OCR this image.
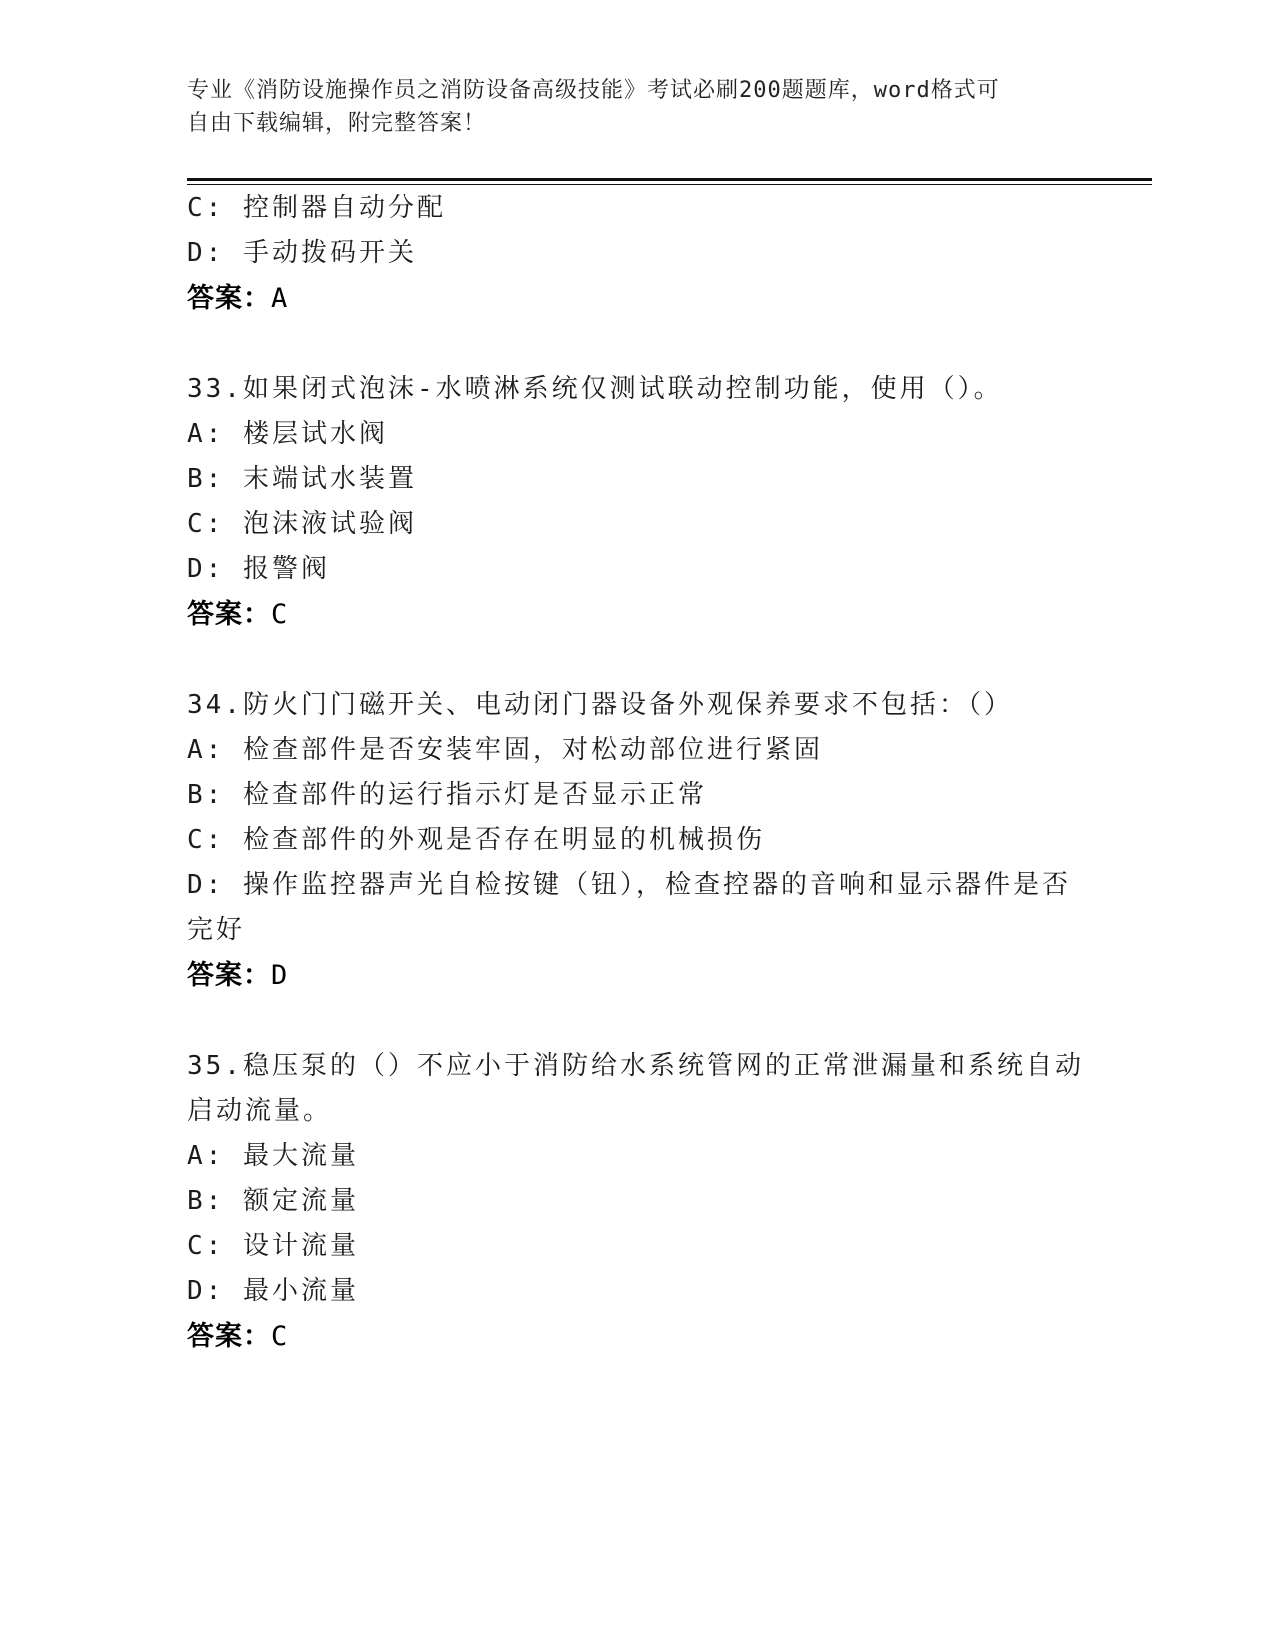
专业《消防设施操作员之消防设备高级技能》考试必刷200题题库，word格式可
自由下载编辑，附完整答案！
C: 控制器自动分配
D: 手动拨码开关
答案：A
33.如果闭式泡沫-水喷淋系统仅测试联动控制功能，使用（）。
A: 楼层试水阀
B: 末端试水装置
C: 泡沫液试验阀
D: 报警阀
答案：C
34.防火门门磁开关、电动闭门器设备外观保养要求不包括：（）
A: 检查部件是否安装牢固，对松动部位进行紧固
B: 检查部件的运行指示灯是否显示正常
C: 检查部件的外观是否存在明显的机械损伤
D: 操作监控器声光自检按键（钮），检查控器的音响和显示器件是否
完好
答案：D
35.稳压泵的（）不应小于消防给水系统管网的正常泄漏量和系统自动
启动流量。
A: 最大流量
B: 额定流量
C: 设计流量
D: 最小流量
答案：C
